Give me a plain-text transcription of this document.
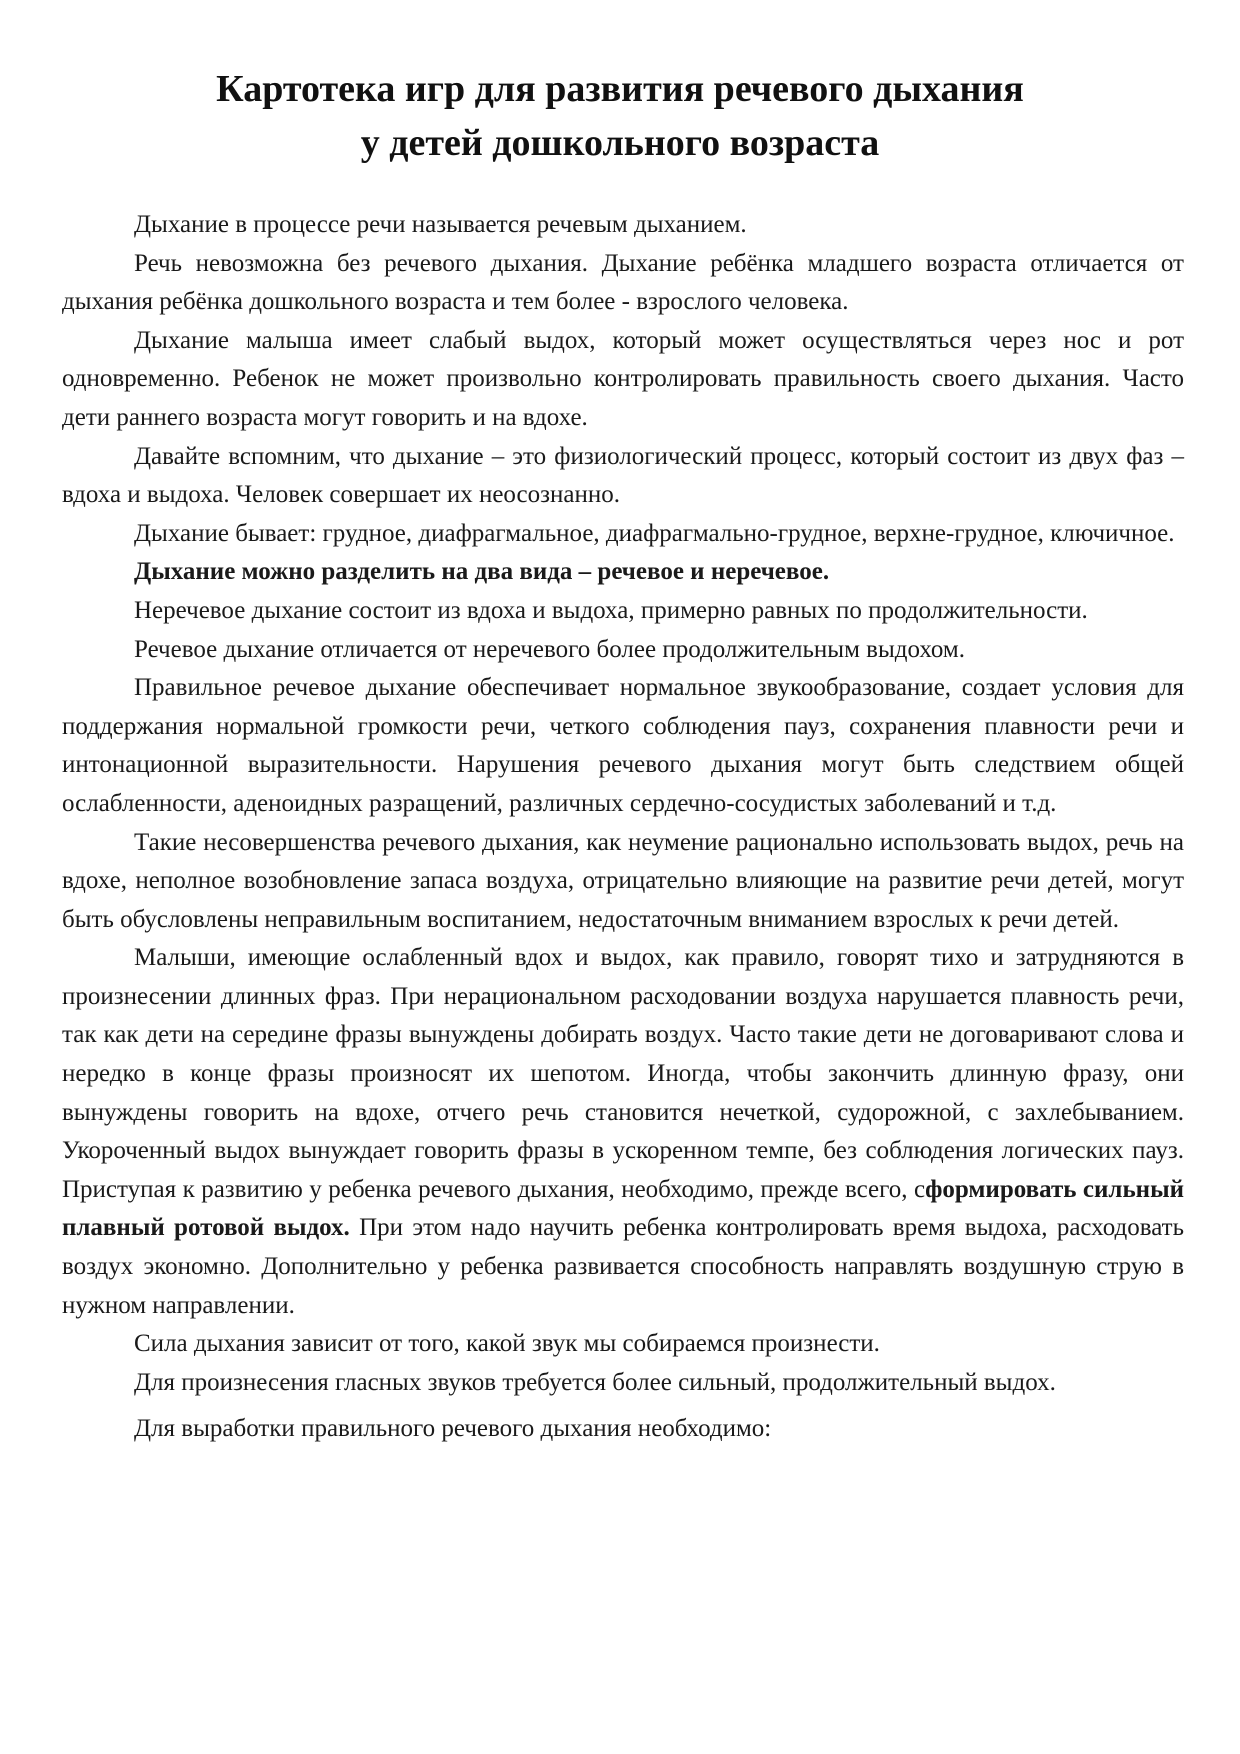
Картотека игр для развития речевого дыхания
у детей дошкольного возраста

Дыхание в процессе речи называется речевым дыханием.

Речь невозможна без речевого дыхания. Дыхание ребёнка младшего возраста отличается от дыхания ребёнка дошкольного возраста и тем более - взрослого человека.

Дыхание малыша имеет слабый выдох, который может осуществляться через нос и рот одновременно. Ребенок не может произвольно контролировать правильность своего дыхания. Часто дети раннего возраста могут говорить и на вдохе.

Давайте вспомним, что дыхание – это физиологический процесс, который состоит из двух фаз – вдоха и выдоха. Человек совершает их неосознанно.

Дыхание бывает: грудное, диафрагмальное, диафрагмально-грудное, верхне-грудное, ключичное.

Дыхание можно разделить на два вида – речевое и неречевое.

Неречевое дыхание состоит из вдоха и выдоха, примерно равных по продолжительности.

Речевое дыхание отличается от неречевого более продолжительным выдохом.

Правильное речевое дыхание обеспечивает нормальное звукообразование, создает условия для поддержания нормальной громкости речи, четкого соблюдения пауз, сохранения плавности речи и интонационной выразительности. Нарушения речевого дыхания могут быть следствием общей ослабленности, аденоидных разращений, различных сердечно-сосудистых заболеваний и т.д.

Такие несовершенства речевого дыхания, как неумение рационально использовать выдох, речь на вдохе, неполное возобновление запаса воздуха, отрицательно влияющие на развитие речи детей, могут быть обусловлены неправильным воспитанием, недостаточным вниманием взрослых к речи детей.

Малыши, имеющие ослабленный вдох и выдох, как правило, говорят тихо и затрудняются в произнесении длинных фраз. При нерациональном расходовании воздуха нарушается плавность речи, так как дети на середине фразы вынуждены добирать воздух. Часто такие дети не договаривают слова и нередко в конце фразы произносят их шепотом. Иногда, чтобы закончить длинную фразу, они вынуждены говорить на вдохе, отчего речь становится нечеткой, судорожной, с захлебыванием. Укороченный выдох вынуждает говорить фразы в ускоренном темпе, без соблюдения логических пауз. Приступая к развитию у ребенка речевого дыхания, необходимо, прежде всего, сформировать сильный плавный ротовой выдох. При этом надо научить ребенка контролировать время выдоха, расходовать воздух экономно. Дополнительно у ребенка развивается способность направлять воздушную струю в нужном направлении.

Сила дыхания зависит от того, какой звук мы собираемся произнести.

Для произнесения гласных звуков требуется более сильный, продолжительный выдох.

Для выработки правильного речевого дыхания необходимо:
